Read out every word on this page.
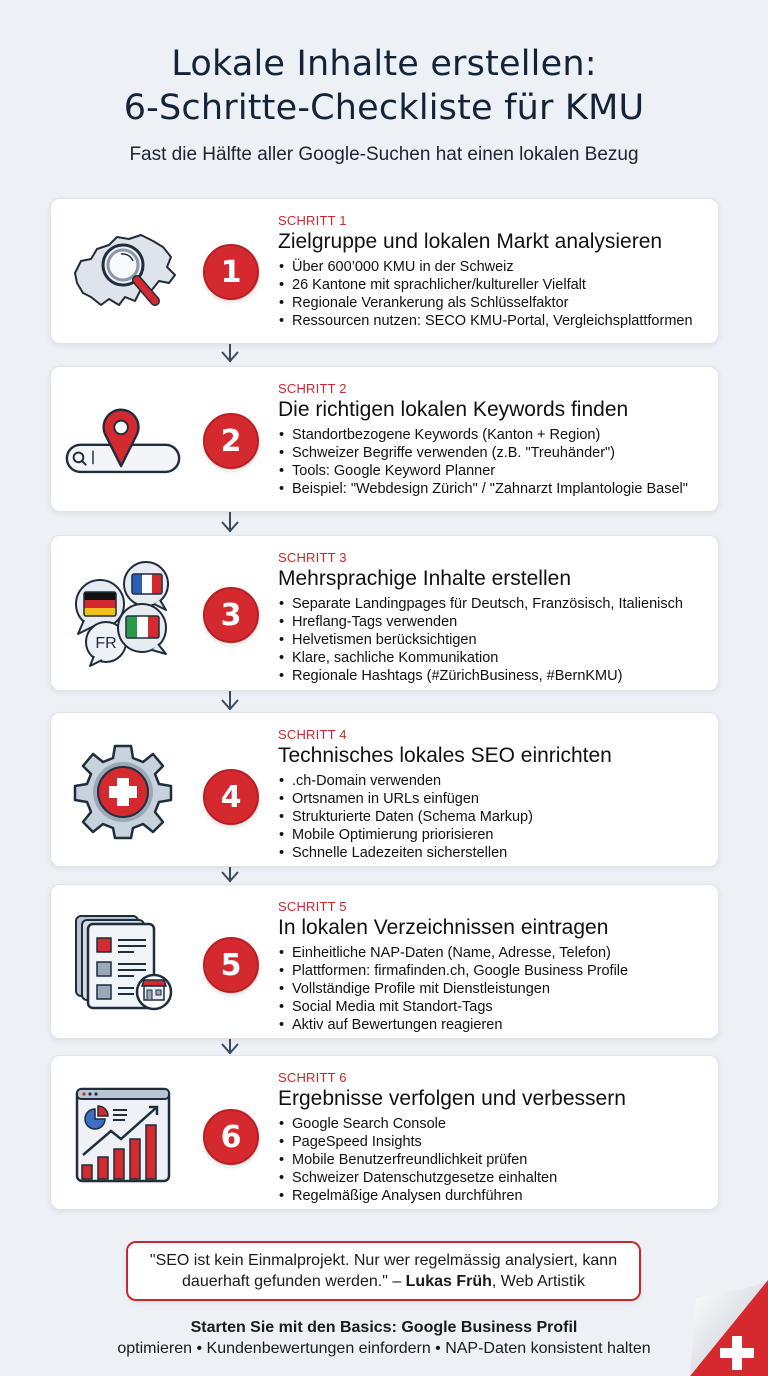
Lokale Inhalte erstellen:
6-Schritte-Checkliste für KMU
Fast die Hälfte aller Google-Suchen hat einen lokalen Bezug
1
SCHRITT 1
Zielgruppe und lokalen Markt analysieren
• Über 600’000 KMU in der Schweiz
• 26 Kantone mit sprachlicher/kultureller Vielfalt
• Regionale Verankerung als Schlüsselfaktor
• Ressourcen nutzen: SECO KMU-Portal, Vergleichsplattformen
2
SCHRITT 2
Die richtigen lokalen Keywords finden
• Standortbezogene Keywords (Kanton + Region)
• Schweizer Begriffe verwenden (z.B. "Treuhänder")
• Tools: Google Keyword Planner
• Beispiel: "Webdesign Zürich" / "Zahnarzt Implantologie Basel"
FR
3
SCHRITT 3
Mehrsprachige Inhalte erstellen
• Separate Landingpages für Deutsch, Französisch, Italienisch
• Hreflang-Tags verwenden
• Helvetismen berücksichtigen
• Klare, sachliche Kommunikation
• Regionale Hashtags (#ZürichBusiness, #BernKMU)
4
SCHRITT 4
Technisches lokales SEO einrichten
• .ch-Domain verwenden
• Ortsnamen in URLs einfügen
• Strukturierte Daten (Schema Markup)
• Mobile Optimierung priorisieren
• Schnelle Ladezeiten sicherstellen
5
SCHRITT 5
In lokalen Verzeichnissen eintragen
• Einheitliche NAP-Daten (Name, Adresse, Telefon)
• Plattformen: firmafinden.ch, Google Business Profile
• Vollständige Profile mit Dienstleistungen
• Social Media mit Standort-Tags
• Aktiv auf Bewertungen reagieren
6
SCHRITT 6
Ergebnisse verfolgen und verbessern
• Google Search Console
• PageSpeed Insights
• Mobile Benutzerfreundlichkeit prüfen
• Schweizer Datenschutzgesetze einhalten
• Regelmäßige Analysen durchführen
"SEO ist kein Einmalprojekt. Nur wer regelmässig analysiert, kann dauerhaft gefunden werden." – Lukas Früh, Web Artistik
Starten Sie mit den Basics: Google Business Profil
optimieren • Kundenbewertungen einfordern • NAP-Daten konsistent halten
